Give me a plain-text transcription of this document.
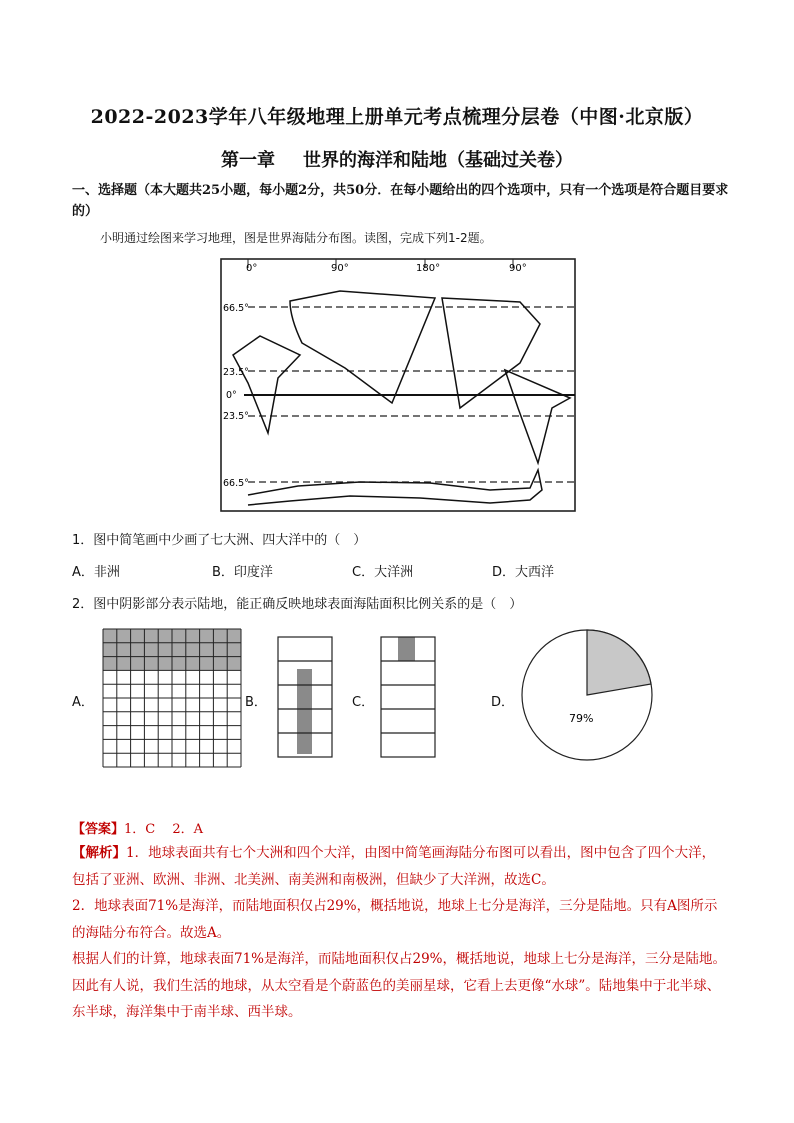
2022-2023学年八年级地理上册单元考点梳理分层卷（中图·北京版）
第一章 世界的海洋和陆地（基础过关卷）
一、选择题（本大题共25小题，每小题2分，共50分．在每小题给出的四个选项中，只有一个选项是符合题目要求的）
小明通过绘图来学习地理，图是世界海陆分布图。读图，完成下列1-2题。
0°	90°	180°	90°
66.5°
23.5°
0°
23.5°
66.5°
1．图中简笔画中少画了七大洲、四大洋中的（　）
A．非洲	B．印度洋	C．大洋洲	D．大西洋
2．图中阴影部分表示陆地，能正确反映地球表面海陆面积比例关系的是（　）
A．	B．	C．	D．
79%
【答案】1．C　 2．A
【解析】1．地球表面共有七个大洲和四个大洋，由图中简笔画海陆分布图可以看出，图中包含了四个大洋，包括了亚洲、欧洲、非洲、北美洲、南美洲和南极洲，但缺少了大洋洲，故选C。
2．地球表面71%是海洋，而陆地面积仅占29%，概括地说，地球上七分是海洋，三分是陆地。只有A图所示的海陆分布符合。故选A。
根据人们的计算，地球表面71%是海洋，而陆地面积仅占29%，概括地说，地球上七分是海洋，三分是陆地。因此有人说，我们生活的地球，从太空看是个蔚蓝色的美丽星球，它看上去更像“水球”。陆地集中于北半球、东半球，海洋集中于南半球、西半球。
